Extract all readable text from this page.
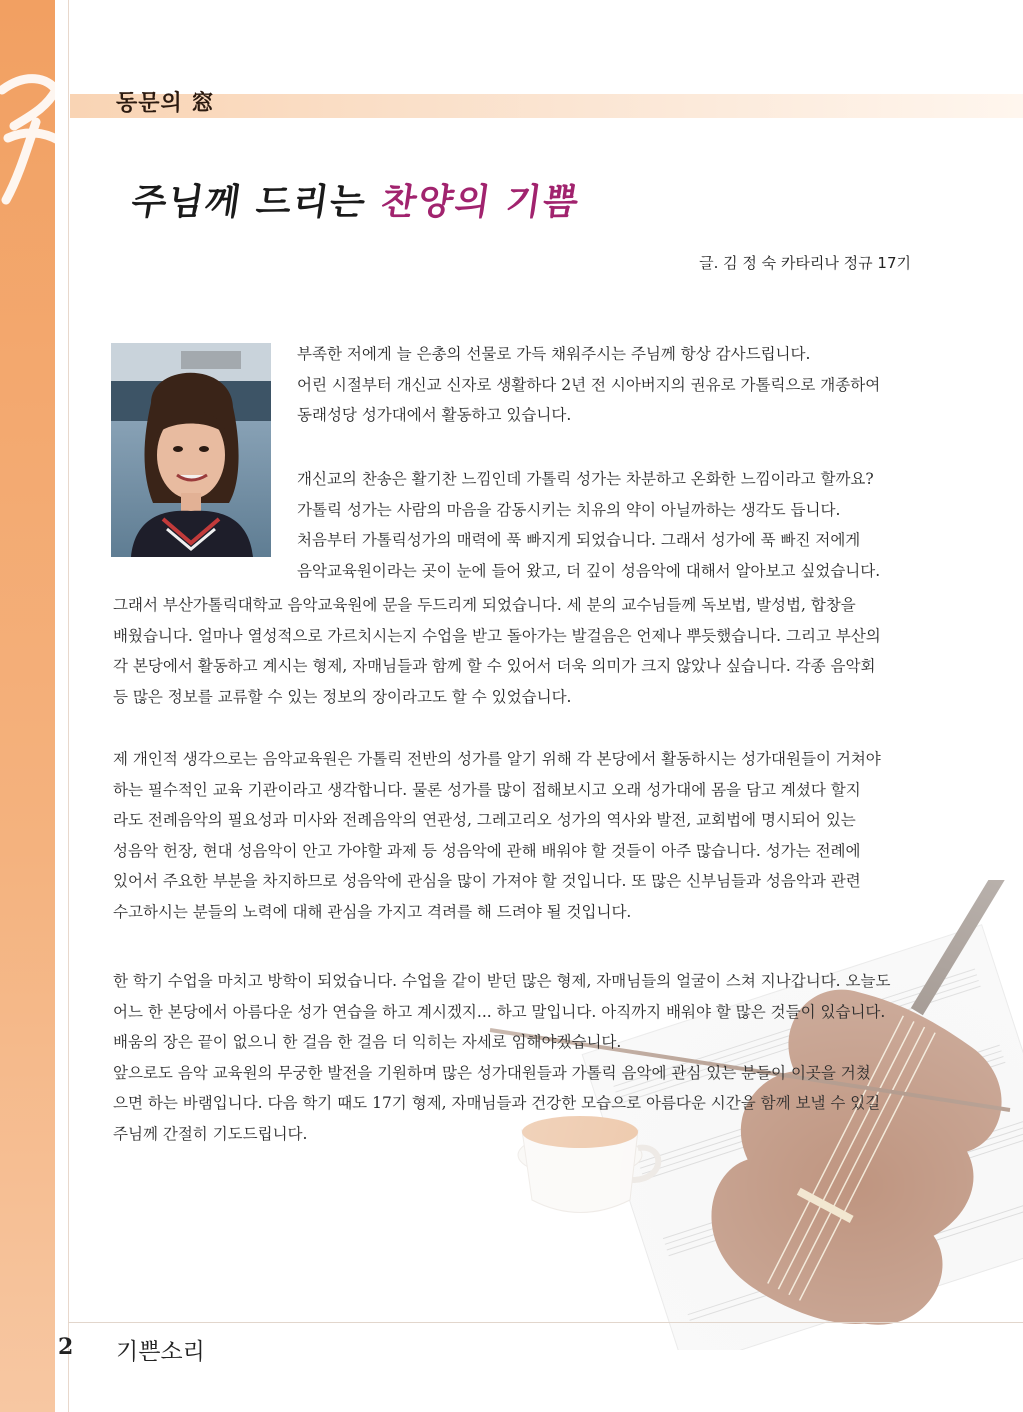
동문의 窓
주님께 드리는 찬양의 기쁨
글. 김 정 숙 카타리나 정규 17기
부족한 저에게 늘 은총의 선물로 가득 채워주시는 주님께 항상 감사드립니다.
어린 시절부터 개신교 신자로 생활하다 2년 전 시아버지의 권유로 가톨릭으로 개종하여
동래성당 성가대에서 활동하고 있습니다.
개신교의 찬송은 활기찬 느낌인데 가톨릭 성가는 차분하고 온화한 느낌이라고 할까요?
가톨릭 성가는 사람의 마음을 감동시키는 치유의 약이 아닐까하는 생각도 듭니다.
처음부터 가톨릭성가의 매력에 푹 빠지게 되었습니다. 그래서 성가에 푹 빠진 저에게
음악교육원이라는 곳이 눈에 들어 왔고, 더 깊이 성음악에 대해서 알아보고 싶었습니다.
그래서 부산가톨릭대학교 음악교육원에 문을 두드리게 되었습니다. 세 분의 교수님들께 독보법, 발성법, 합창을
배웠습니다. 얼마나 열성적으로 가르치시는지 수업을 받고 돌아가는 발걸음은 언제나 뿌듯했습니다. 그리고 부산의
각 본당에서 활동하고 계시는 형제, 자매님들과 함께 할 수 있어서 더욱 의미가 크지 않았나 싶습니다. 각종 음악회
등 많은 정보를 교류할 수 있는 정보의 장이라고도 할 수 있었습니다.
제 개인적 생각으로는 음악교육원은 가톨릭 전반의 성가를 알기 위해 각 본당에서 활동하시는 성가대원들이 거쳐야
하는 필수적인 교육 기관이라고 생각합니다. 물론 성가를 많이 접해보시고 오래 성가대에 몸을 담고 계셨다 할지
라도 전례음악의 필요성과 미사와 전례음악의 연관성, 그레고리오 성가의 역사와 발전, 교회법에 명시되어 있는
성음악 헌장, 현대 성음악이 안고 가야할 과제 등 성음악에 관해 배워야 할 것들이 아주 많습니다. 성가는 전례에
있어서 주요한 부분을 차지하므로 성음악에 관심을 많이 가져야 할 것입니다. 또 많은 신부님들과 성음악과 관련
수고하시는 분들의 노력에 대해 관심을 가지고 격려를 해 드려야 될 것입니다.
한 학기 수업을 마치고 방학이 되었습니다. 수업을 같이 받던 많은 형제, 자매님들의 얼굴이 스쳐 지나갑니다. 오늘도
어느 한 본당에서 아름다운 성가 연습을 하고 계시겠지... 하고 말입니다. 아직까지 배워야 할 많은 것들이 있습니다.
배움의 장은 끝이 없으니 한 걸음 한 걸음 더 익히는 자세로 임해야겠습니다.
앞으로도 음악 교육원의 무궁한 발전을 기원하며 많은 성가대원들과 가톨릭 음악에 관심 있는 분들이 이곳을 거쳤
으면 하는 바램입니다. 다음 학기 때도 17기 형제, 자매님들과 건강한 모습으로 아름다운 시간을 함께 보낼 수 있길
주님께 간절히 기도드립니다.
2 기쁜소리
